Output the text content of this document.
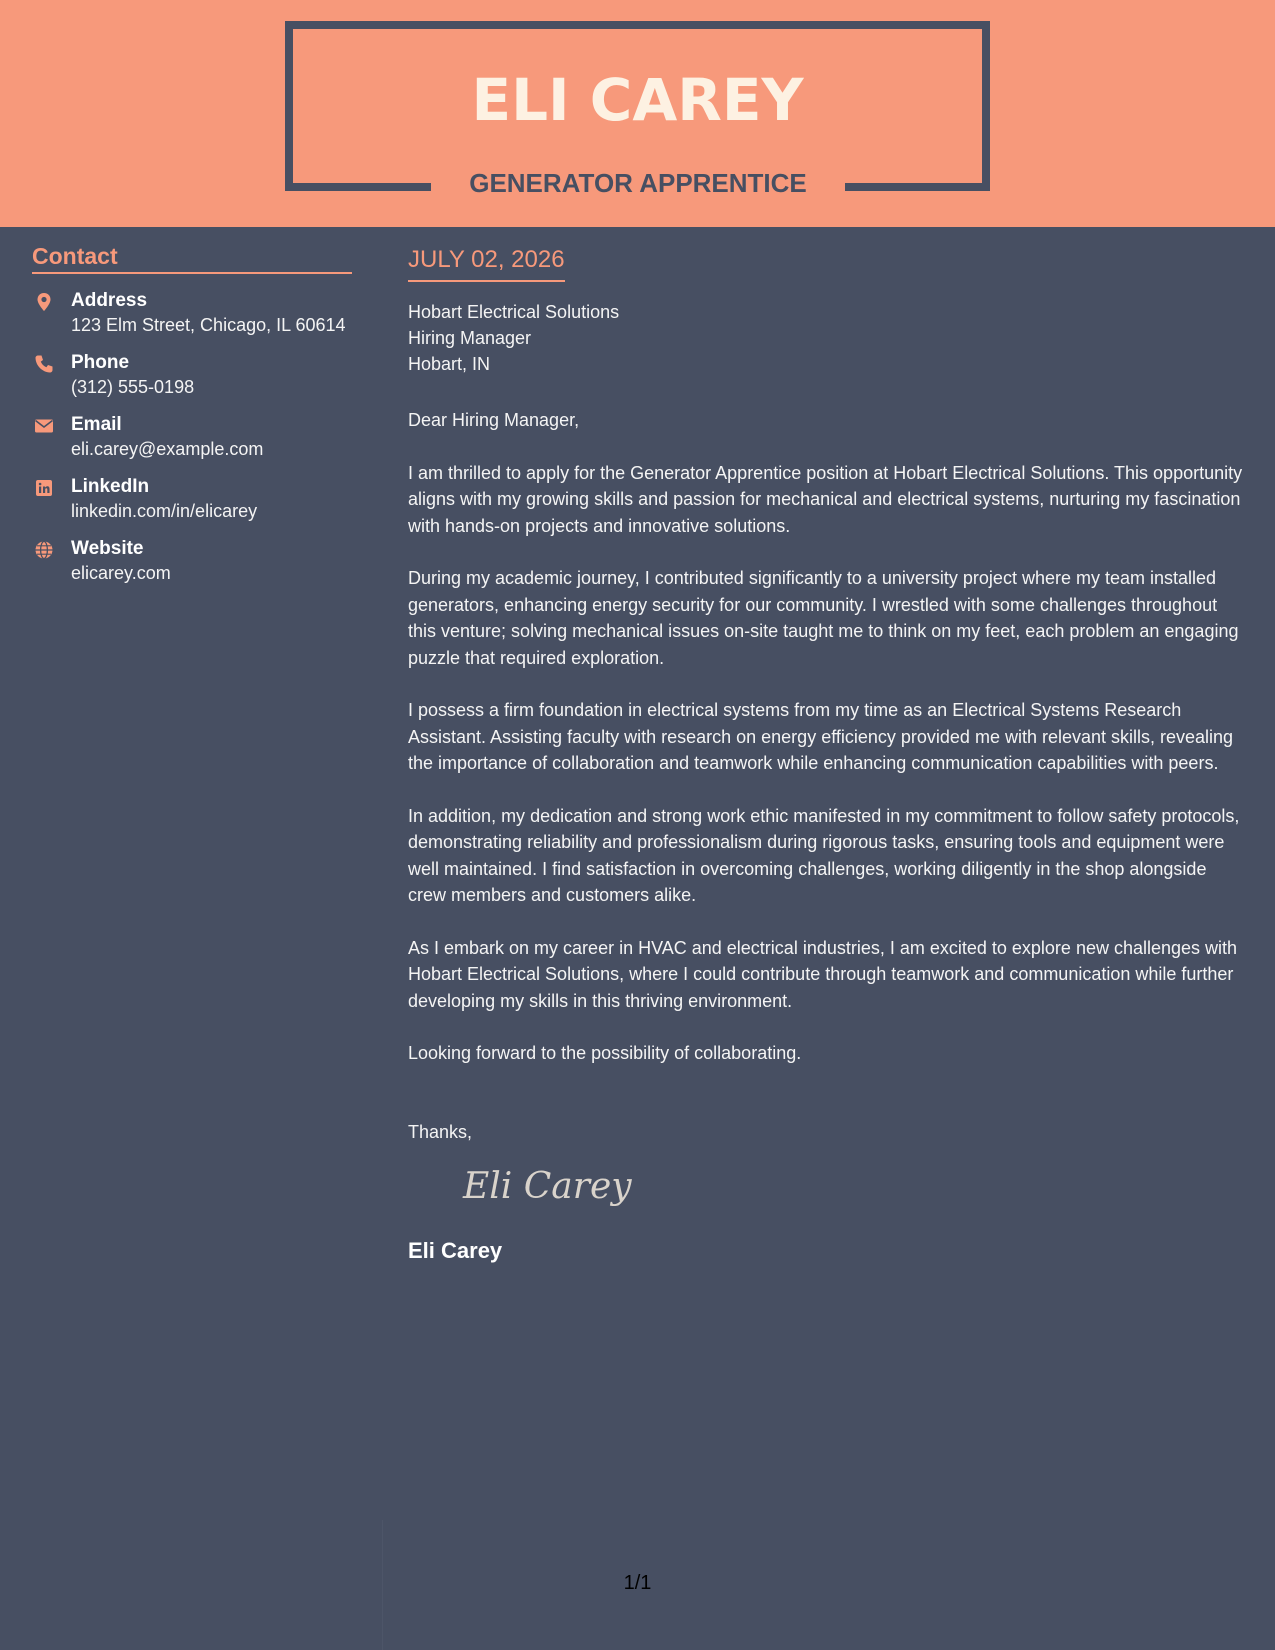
ELI CAREY
GENERATOR APPRENTICE
Contact
Address
123 Elm Street, Chicago, IL 60614
Phone
(312) 555-0198
Email
eli.carey@example.com
LinkedIn
linkedin.com/in/elicarey
Website
elicarey.com
JULY 02, 2026
Hobart Electrical Solutions
Hiring Manager
Hobart, IN
Dear Hiring Manager,
I am thrilled to apply for the Generator Apprentice position at Hobart Electrical Solutions. This opportunity aligns with my growing skills and passion for mechanical and electrical systems, nurturing my fascination with hands-on projects and innovative solutions.
During my academic journey, I contributed significantly to a university project where my team installed generators, enhancing energy security for our community. I wrestled with some challenges throughout this venture; solving mechanical issues on-site taught me to think on my feet, each problem an engaging puzzle that required exploration.
I possess a firm foundation in electrical systems from my time as an Electrical Systems Research Assistant. Assisting faculty with research on energy efficiency provided me with relevant skills, revealing the importance of collaboration and teamwork while enhancing communication capabilities with peers.
In addition, my dedication and strong work ethic manifested in my commitment to follow safety protocols, demonstrating reliability and professionalism during rigorous tasks, ensuring tools and equipment were well maintained. I find satisfaction in overcoming challenges, working diligently in the shop alongside crew members and customers alike.
As I embark on my career in HVAC and electrical industries, I am excited to explore new challenges with Hobart Electrical Solutions, where I could contribute through teamwork and communication while further developing my skills in this thriving environment.
Looking forward to the possibility of collaborating.
Thanks,
Eli Carey
Eli Carey
1/1
